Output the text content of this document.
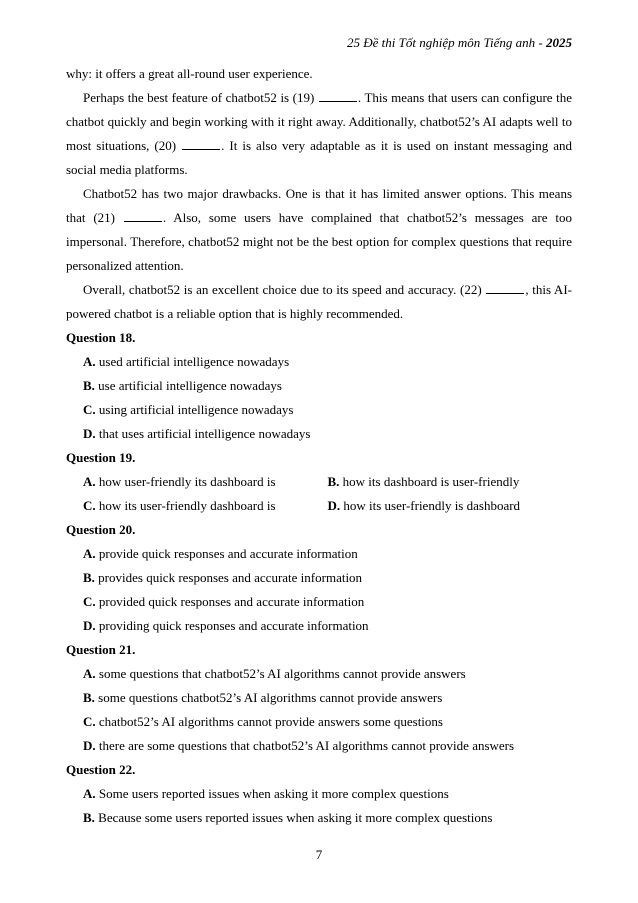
25 Đề thi Tốt nghiệp môn Tiếng anh - 2025

why: it offers a great all-round user experience.

Perhaps the best feature of chatbot52 is (19)	. This means that users can configure the chatbot quickly and begin working with it right away. Additionally, chatbot52’s AI adapts well to most situations, (20)	. It is also very adaptable as it is used on instant messaging and social media platforms.

Chatbot52 has two major drawbacks. One is that it has limited answer options. This means that (21)	. Also, some users have complained that chatbot52’s messages are too impersonal. Therefore, chatbot52 might not be the best option for complex questions that require personalized attention.

Overall, chatbot52 is an excellent choice due to its speed and accuracy. (22)	, this AI-powered chatbot is a reliable option that is highly recommended.

Question 18.

A. used artificial intelligence nowadays

B. use artificial intelligence nowadays

C. using artificial intelligence nowadays

D. that uses artificial intelligence nowadays

Question 19.

A. how user-friendly its dashboard is	B. how its dashboard is user-friendly
C. how its user-friendly dashboard is	D. how its user-friendly is dashboard

Question 20.

A. provide quick responses and accurate information

B. provides quick responses and accurate information

C. provided quick responses and accurate information

D. providing quick responses and accurate information

Question 21.

A. some questions that chatbot52’s AI algorithms cannot provide answers

B. some questions chatbot52’s AI algorithms cannot provide answers

C. chatbot52’s AI algorithms cannot provide answers some questions

D. there are some questions that chatbot52’s AI algorithms cannot provide answers

Question 22.

A. Some users reported issues when asking it more complex questions

B. Because some users reported issues when asking it more complex questions

7
